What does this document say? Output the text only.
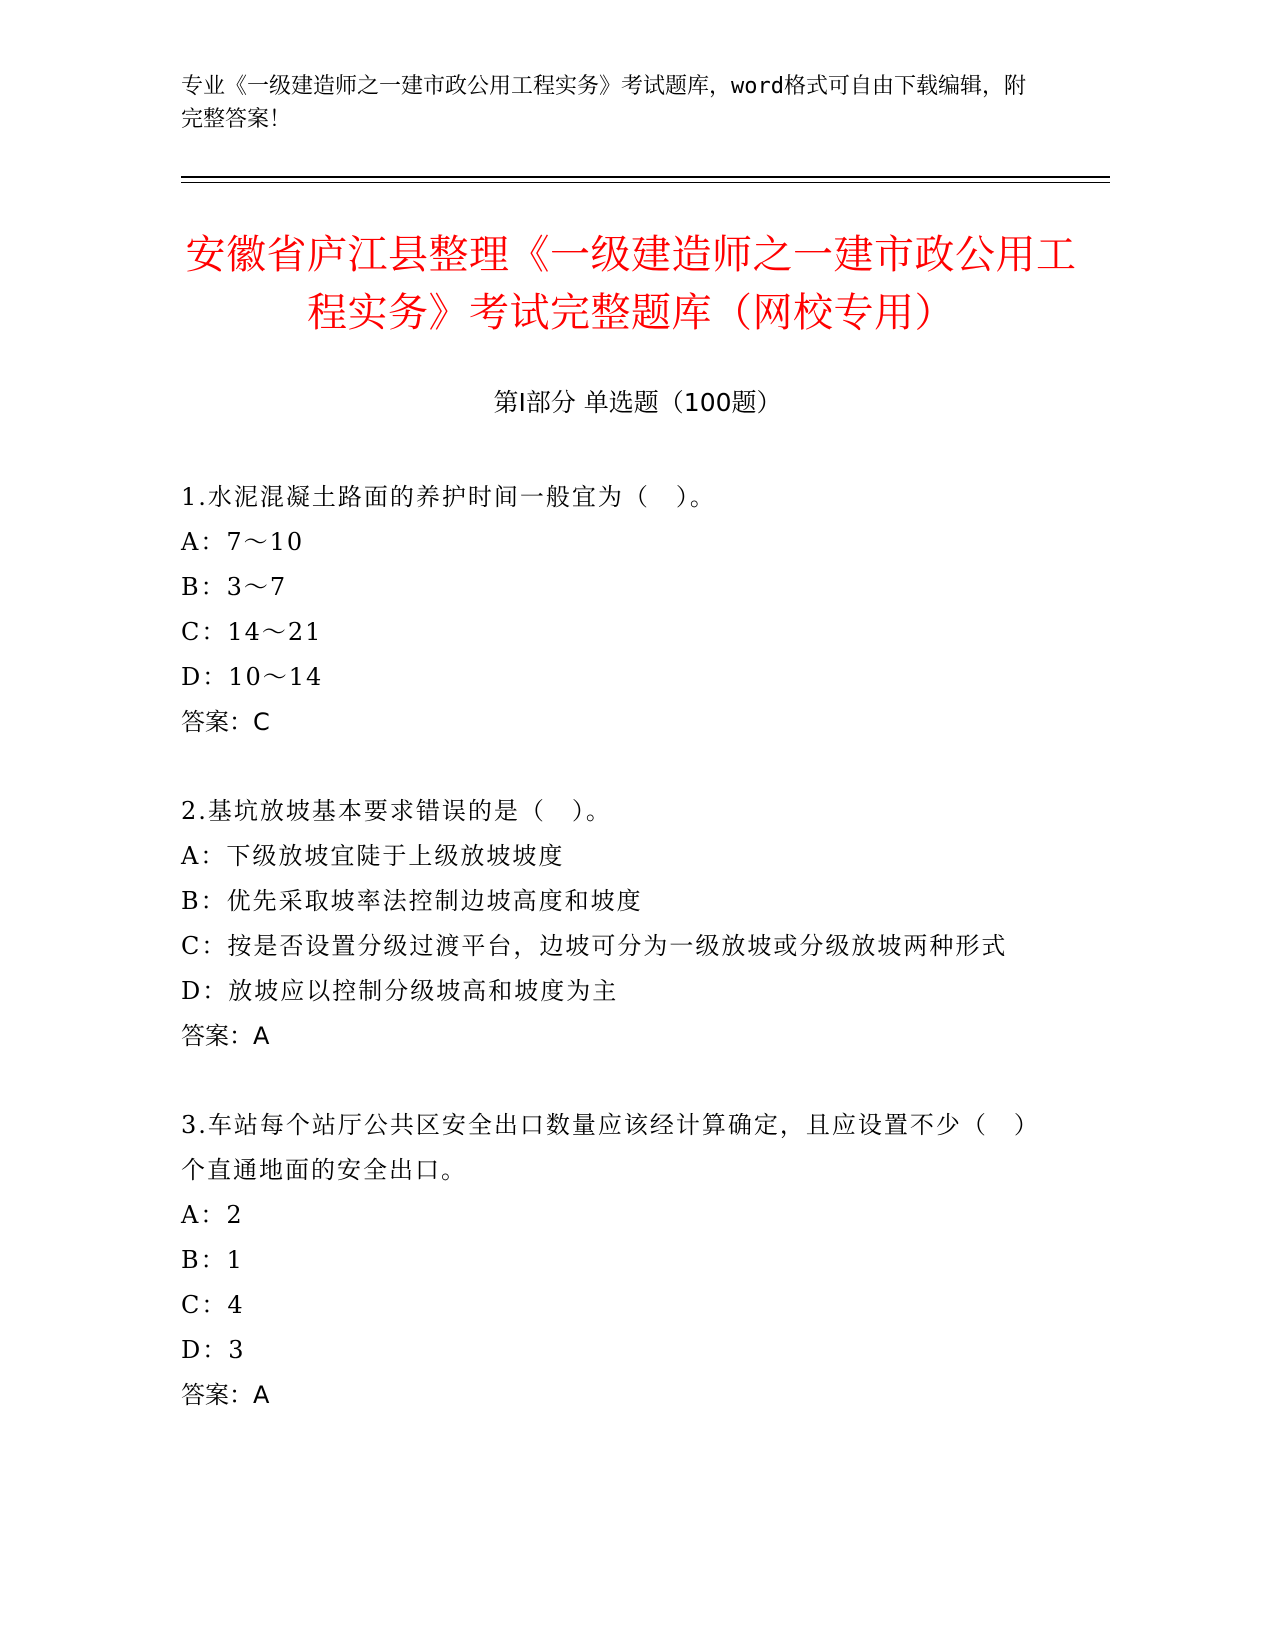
专业《一级建造师之一建市政公用工程实务》考试题库，word格式可自由下载编辑，附完整答案！
安徽省庐江县整理《一级建造师之一建市政公用工程实务》考试完整题库（网校专用）
第Ⅰ部分 单选题（100题）
1.水泥混凝土路面的养护时间一般宜为（　）。
A：7～10
B：3～7
C：14～21
D：10～14
答案：C
2.基坑放坡基本要求错误的是（　）。
A：下级放坡宜陡于上级放坡坡度
B：优先采取坡率法控制边坡高度和坡度
C：按是否设置分级过渡平台，边坡可分为一级放坡或分级放坡两种形式
D：放坡应以控制分级坡高和坡度为主
答案：A
3.车站每个站厅公共区安全出口数量应该经计算确定，且应设置不少（　）个直通地面的安全出口。
A：2
B：1
C：4
D：3
答案：A
